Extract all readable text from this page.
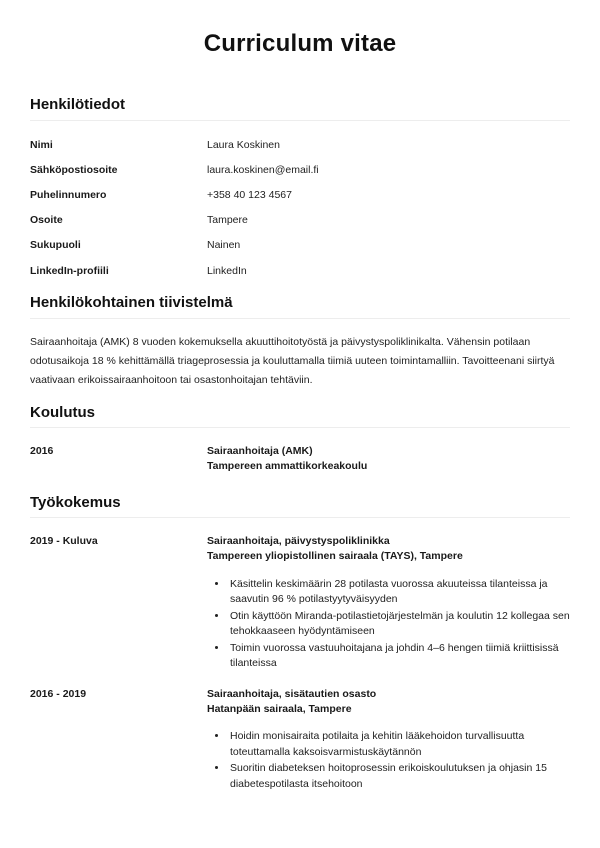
Curriculum vitae
Henkilötiedot
Nimi	Laura Koskinen
Sähköpostiosoite	laura.koskinen@email.fi
Puhelinnumero	+358 40 123 4567
Osoite	Tampere
Sukupuoli	Nainen
LinkedIn-profiili	LinkedIn
Henkilökohtainen tiivistelmä

Sairaanhoitaja (AMK) 8 vuoden kokemuksella akuuttihoitotyöstä ja päivystyspoliklinikalta. Vähensin potilaan odotusaikoja 18 % kehittämällä triageprosessia ja kouluttamalla tiimiä uuteen toimintamalliin. Tavoitteenani siirtyä vaativaan erikoissairaanhoitoon tai osastonhoitajan tehtäviin.

Koulutus
2016	Sairaanhoitaja (AMK)
Tampereen ammattikorkeakoulu
Työkokemus
2019 - Kuluva	Sairaanhoitaja, päivystyspoliklinikka
Tampereen yliopistollinen sairaala (TAYS), Tampere
• Käsittelin keskimäärin 28 potilasta vuorossa akuuteissa tilanteissa ja saavutin 96 % potilastyytyväisyyden
• Otin käyttöön Miranda-potilastietojärjestelmän ja koulutin 12 kollegaa sen tehokkaaseen hyödyntämiseen
• Toimin vuorossa vastuuhoitajana ja johdin 4–6 hengen tiimiä kriittisissä tilanteissa
2016 - 2019	Sairaanhoitaja, sisätautien osasto
Hatanpään sairaala, Tampere
• Hoidin monisairaita potilaita ja kehitin lääkehoidon turvallisuutta toteuttamalla kaksoisvarmistuskäytännön
• Suoritin diabeteksen hoitoprosessin erikoiskoulutuksen ja ohjasin 15 diabetespotilasta itsehoitoon
